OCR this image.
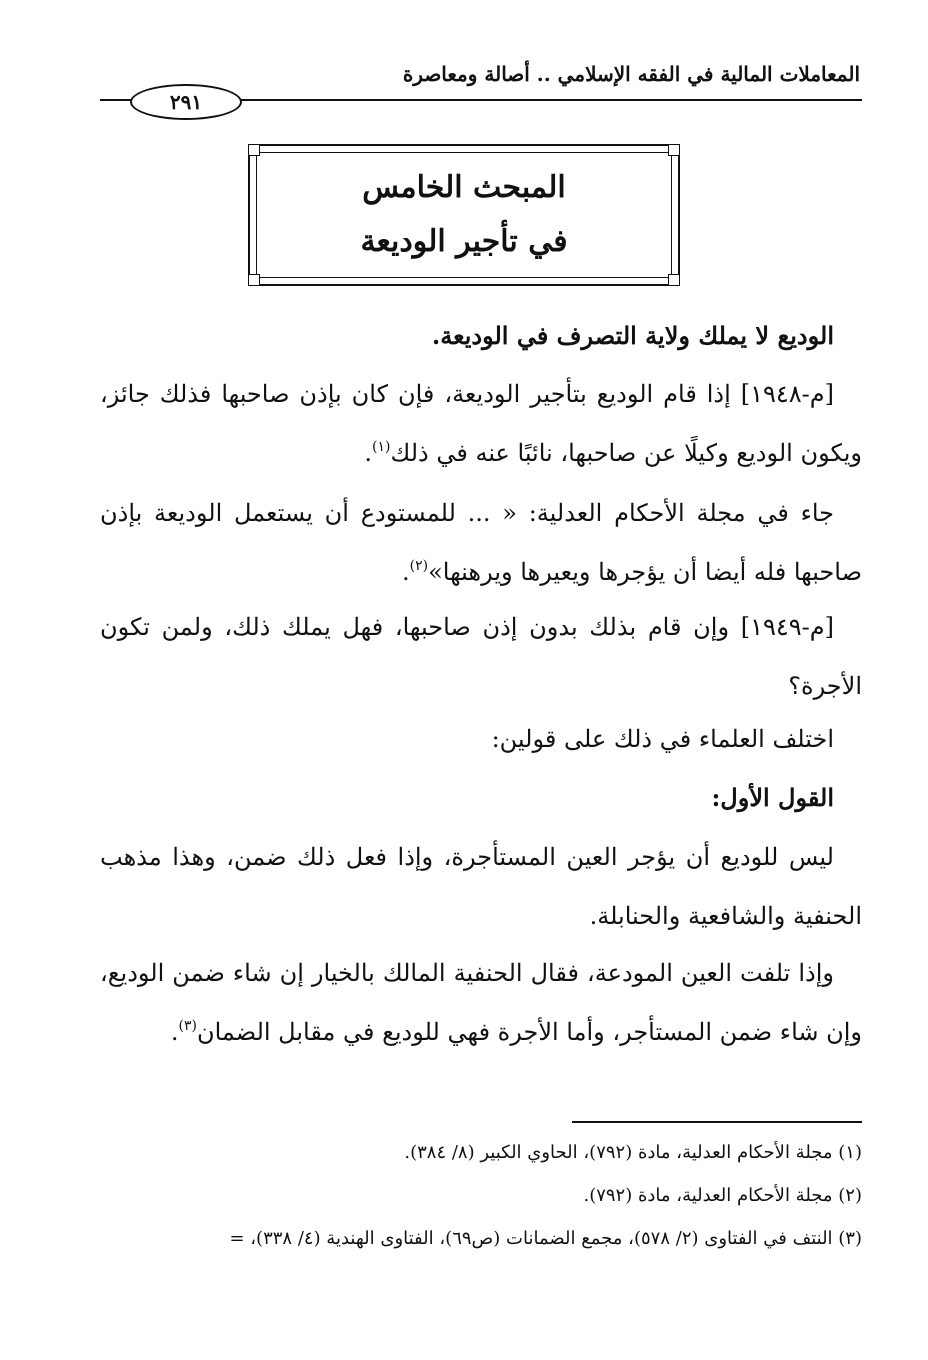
المعاملات المالية في الفقه الإسلامي .. أصالة ومعاصرة
٢٩١
المبحث الخامس
في تأجير الوديعة
الوديع لا يملك ولاية التصرف في الوديعة.
[م-١٩٤٨] إذا قام الوديع بتأجير الوديعة، فإن كان بإذن صاحبها فذلك جائز، ويكون الوديع وكيلًا عن صاحبها، نائبًا عنه في ذلك$^{(١)}$.
جاء في مجلة الأحكام العدلية: « ... للمستودع أن يستعمل الوديعة بإذن صاحبها فله أيضا أن يؤجرها ويعيرها ويرهنها»$^{(٢)}$.
[م-١٩٤٩] وإن قام بذلك بدون إذن صاحبها، فهل يملك ذلك، ولمن تكون الأجرة؟
اختلف العلماء في ذلك على قولين:
القول الأول:
ليس للوديع أن يؤجر العين المستأجرة، وإذا فعل ذلك ضمن، وهذا مذهب الحنفية والشافعية والحنابلة.
وإذا تلفت العين المودعة، فقال الحنفية المالك بالخيار إن شاء ضمن الوديع، وإن شاء ضمن المستأجر، وأما الأجرة فهي للوديع في مقابل الضمان$^{(٣)}$.
(١) مجلة الأحكام العدلية، مادة (٧٩٢)، الحاوي الكبير (٨/ ٣٨٤).
(٢) مجلة الأحكام العدلية، مادة (٧٩٢).
(٣) النتف في الفتاوى (٢/ ٥٧٨)، مجمع الضمانات (ص٦٩)، الفتاوى الهندية (٤/ ٣٣٨)، =
